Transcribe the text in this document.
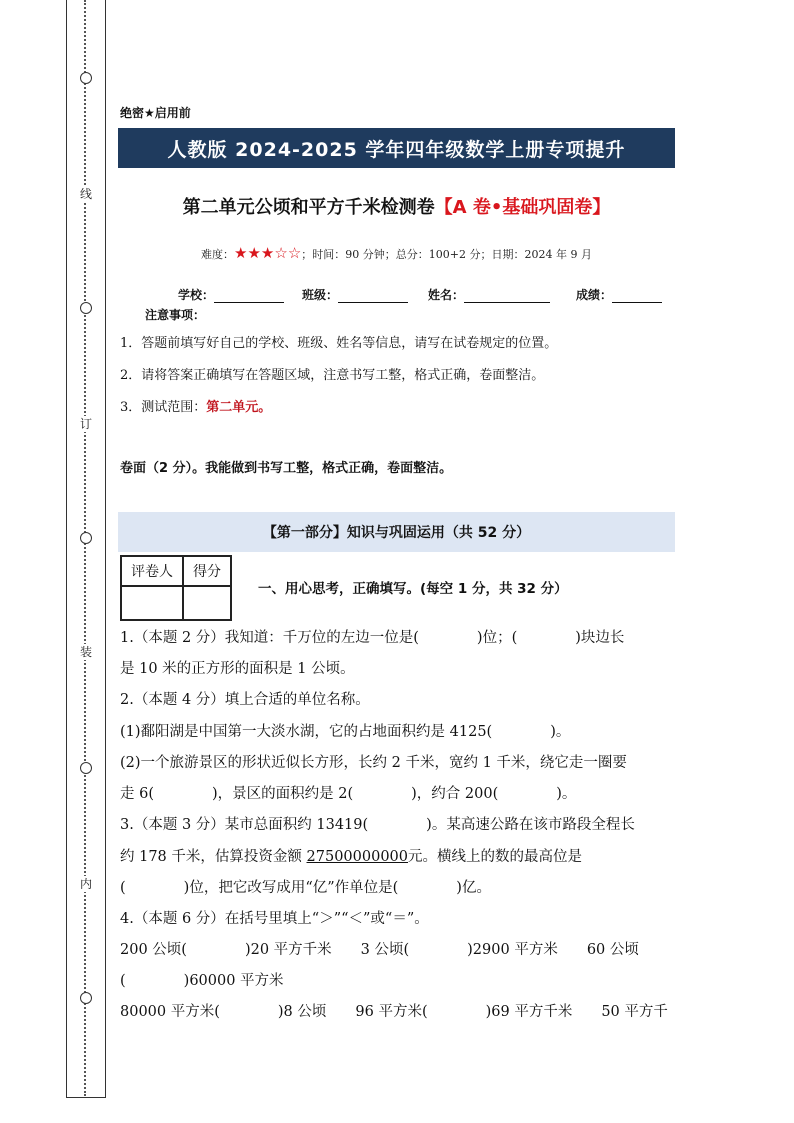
线
订
装
内
绝密★启用前
人教版 2024-2025 学年四年级数学上册专项提升
第二单元公顷和平方千米检测卷【A 卷•基础巩固卷】
难度：★★★☆☆；时间：90 分钟；总分：100+2 分；日期：2024 年 9 月
学校：	班级：	姓名：	成绩：
注意事项：
1．答题前填写好自己的学校、班级、姓名等信息，请写在试卷规定的位置。
2．请将答案正确填写在答题区域，注意书写工整，格式正确，卷面整洁。
3．测试范围：第二单元。
卷面（2 分）。我能做到书写工整，格式正确，卷面整洁。
【第一部分】知识与巩固运用（共 52 分）
评卷人	得分

一、用心思考，正确填写。(每空 1 分，共 32 分）
1.（本题 2 分）我知道：千万位的左边一位是(　　　　)位；(　　　　)块边长
是 10 米的正方形的面积是 1 公顷。
2.（本题 4 分）填上合适的单位名称。
(1)鄱阳湖是中国第一大淡水湖，它的占地面积约是 4125(　　　　)。
(2)一个旅游景区的形状近似长方形，长约 2 千米，宽约 1 千米，绕它走一圈要
走 6(　　　　)，景区的面积约是 2(　　　　)，约合 200(　　　　)。
3.（本题 3 分）某市总面积约 13419(　　　　)。某高速公路在该市路段全程长
约 178 千米，估算投资金额 27500000000元。横线上的数的最高位是
(　　　　)位，把它改写成用“亿”作单位是(　　　　)亿。
4.（本题 6 分）在括号里填上“＞”“＜”或“＝”。
200 公顷(　　　　)20 平方千米　　3 公顷(　　　　)2900 平方米　　60 公顷
(　　　　)60000 平方米
80000 平方米(　　　　)8 公顷　　96 平方米(　　　　)69 平方千米　　50 平方千
